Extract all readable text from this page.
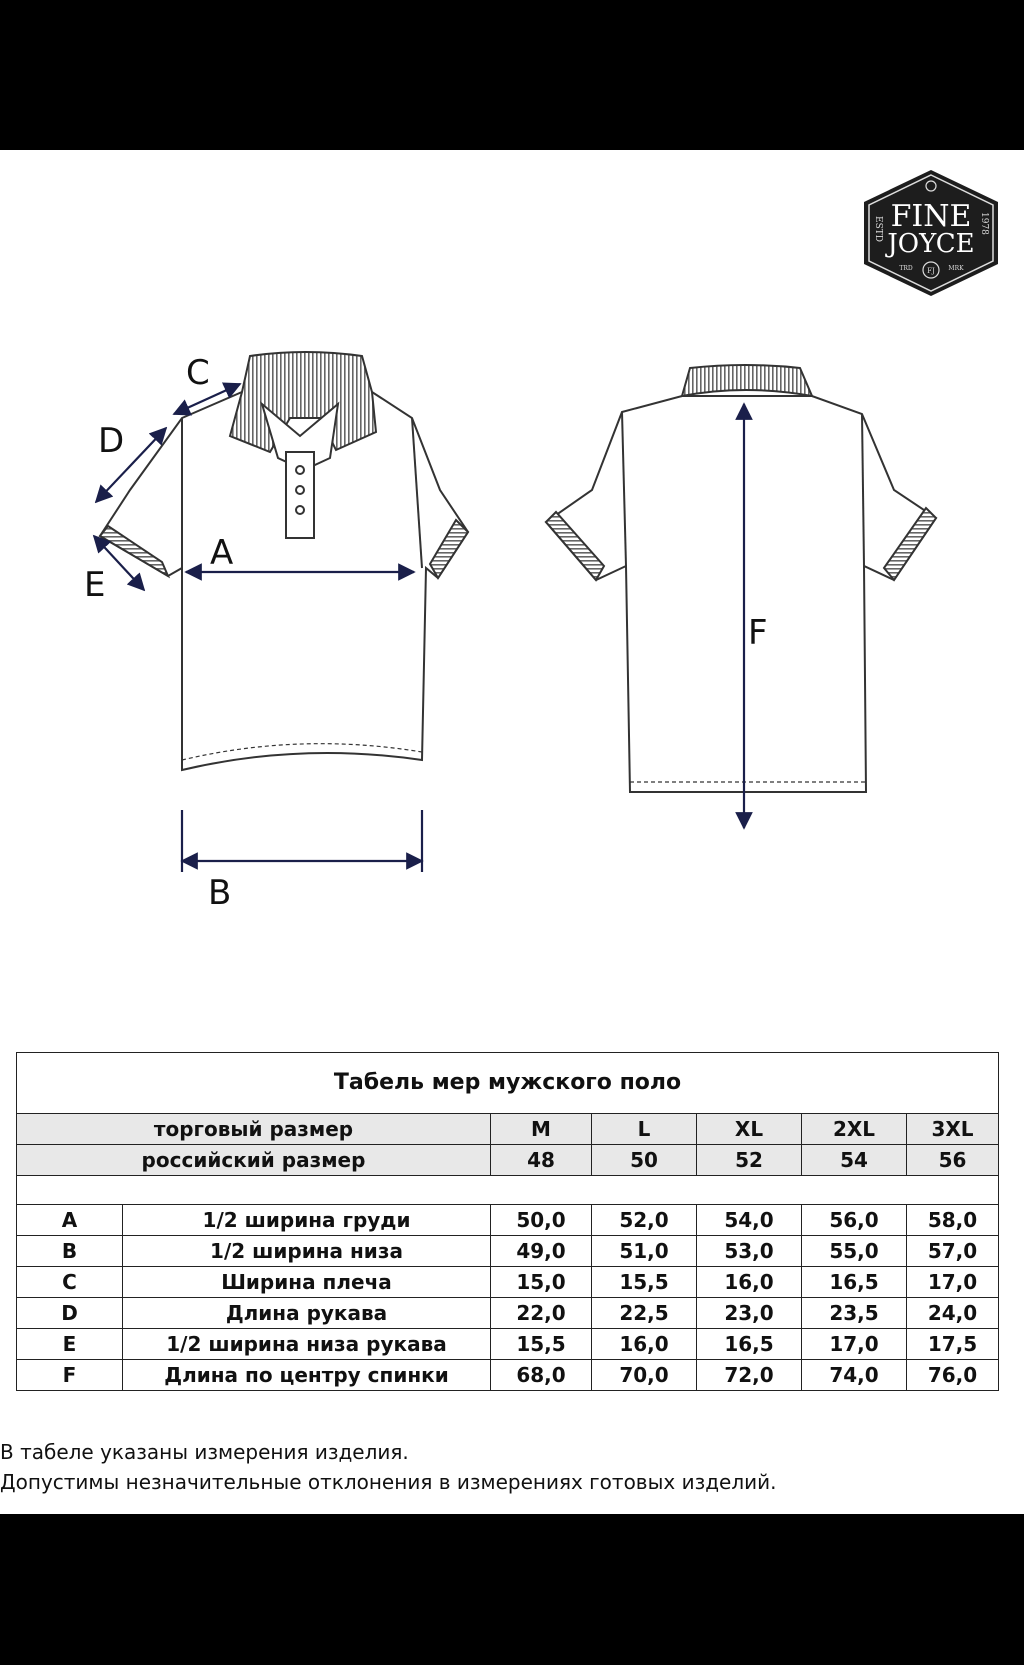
FINE
JOYCE
ESTD	1978
TRD	MRK
FJ
A
B
C
D
E
F
Табель мер мужского поло						
торговый размер		M	L	XL	2XL	3XL
российский размер		48	50	52	54	56

A	1/2 ширина груди	50,0	52,0	54,0	56,0	58,0
B	1/2 ширина низа	49,0	51,0	53,0	55,0	57,0
C	Ширина плеча	15,0	15,5	16,0	16,5	17,0
D	Длина рукава	22,0	22,5	23,0	23,5	24,0
E	1/2 ширина низа рукава	15,5	16,0	16,5	17,0	17,5
F	Длина по центру спинки	68,0	70,0	72,0	74,0	76,0
В табеле указаны измерения изделия.
Допустимы незначительные отклонения в измерениях готовых изделий.
